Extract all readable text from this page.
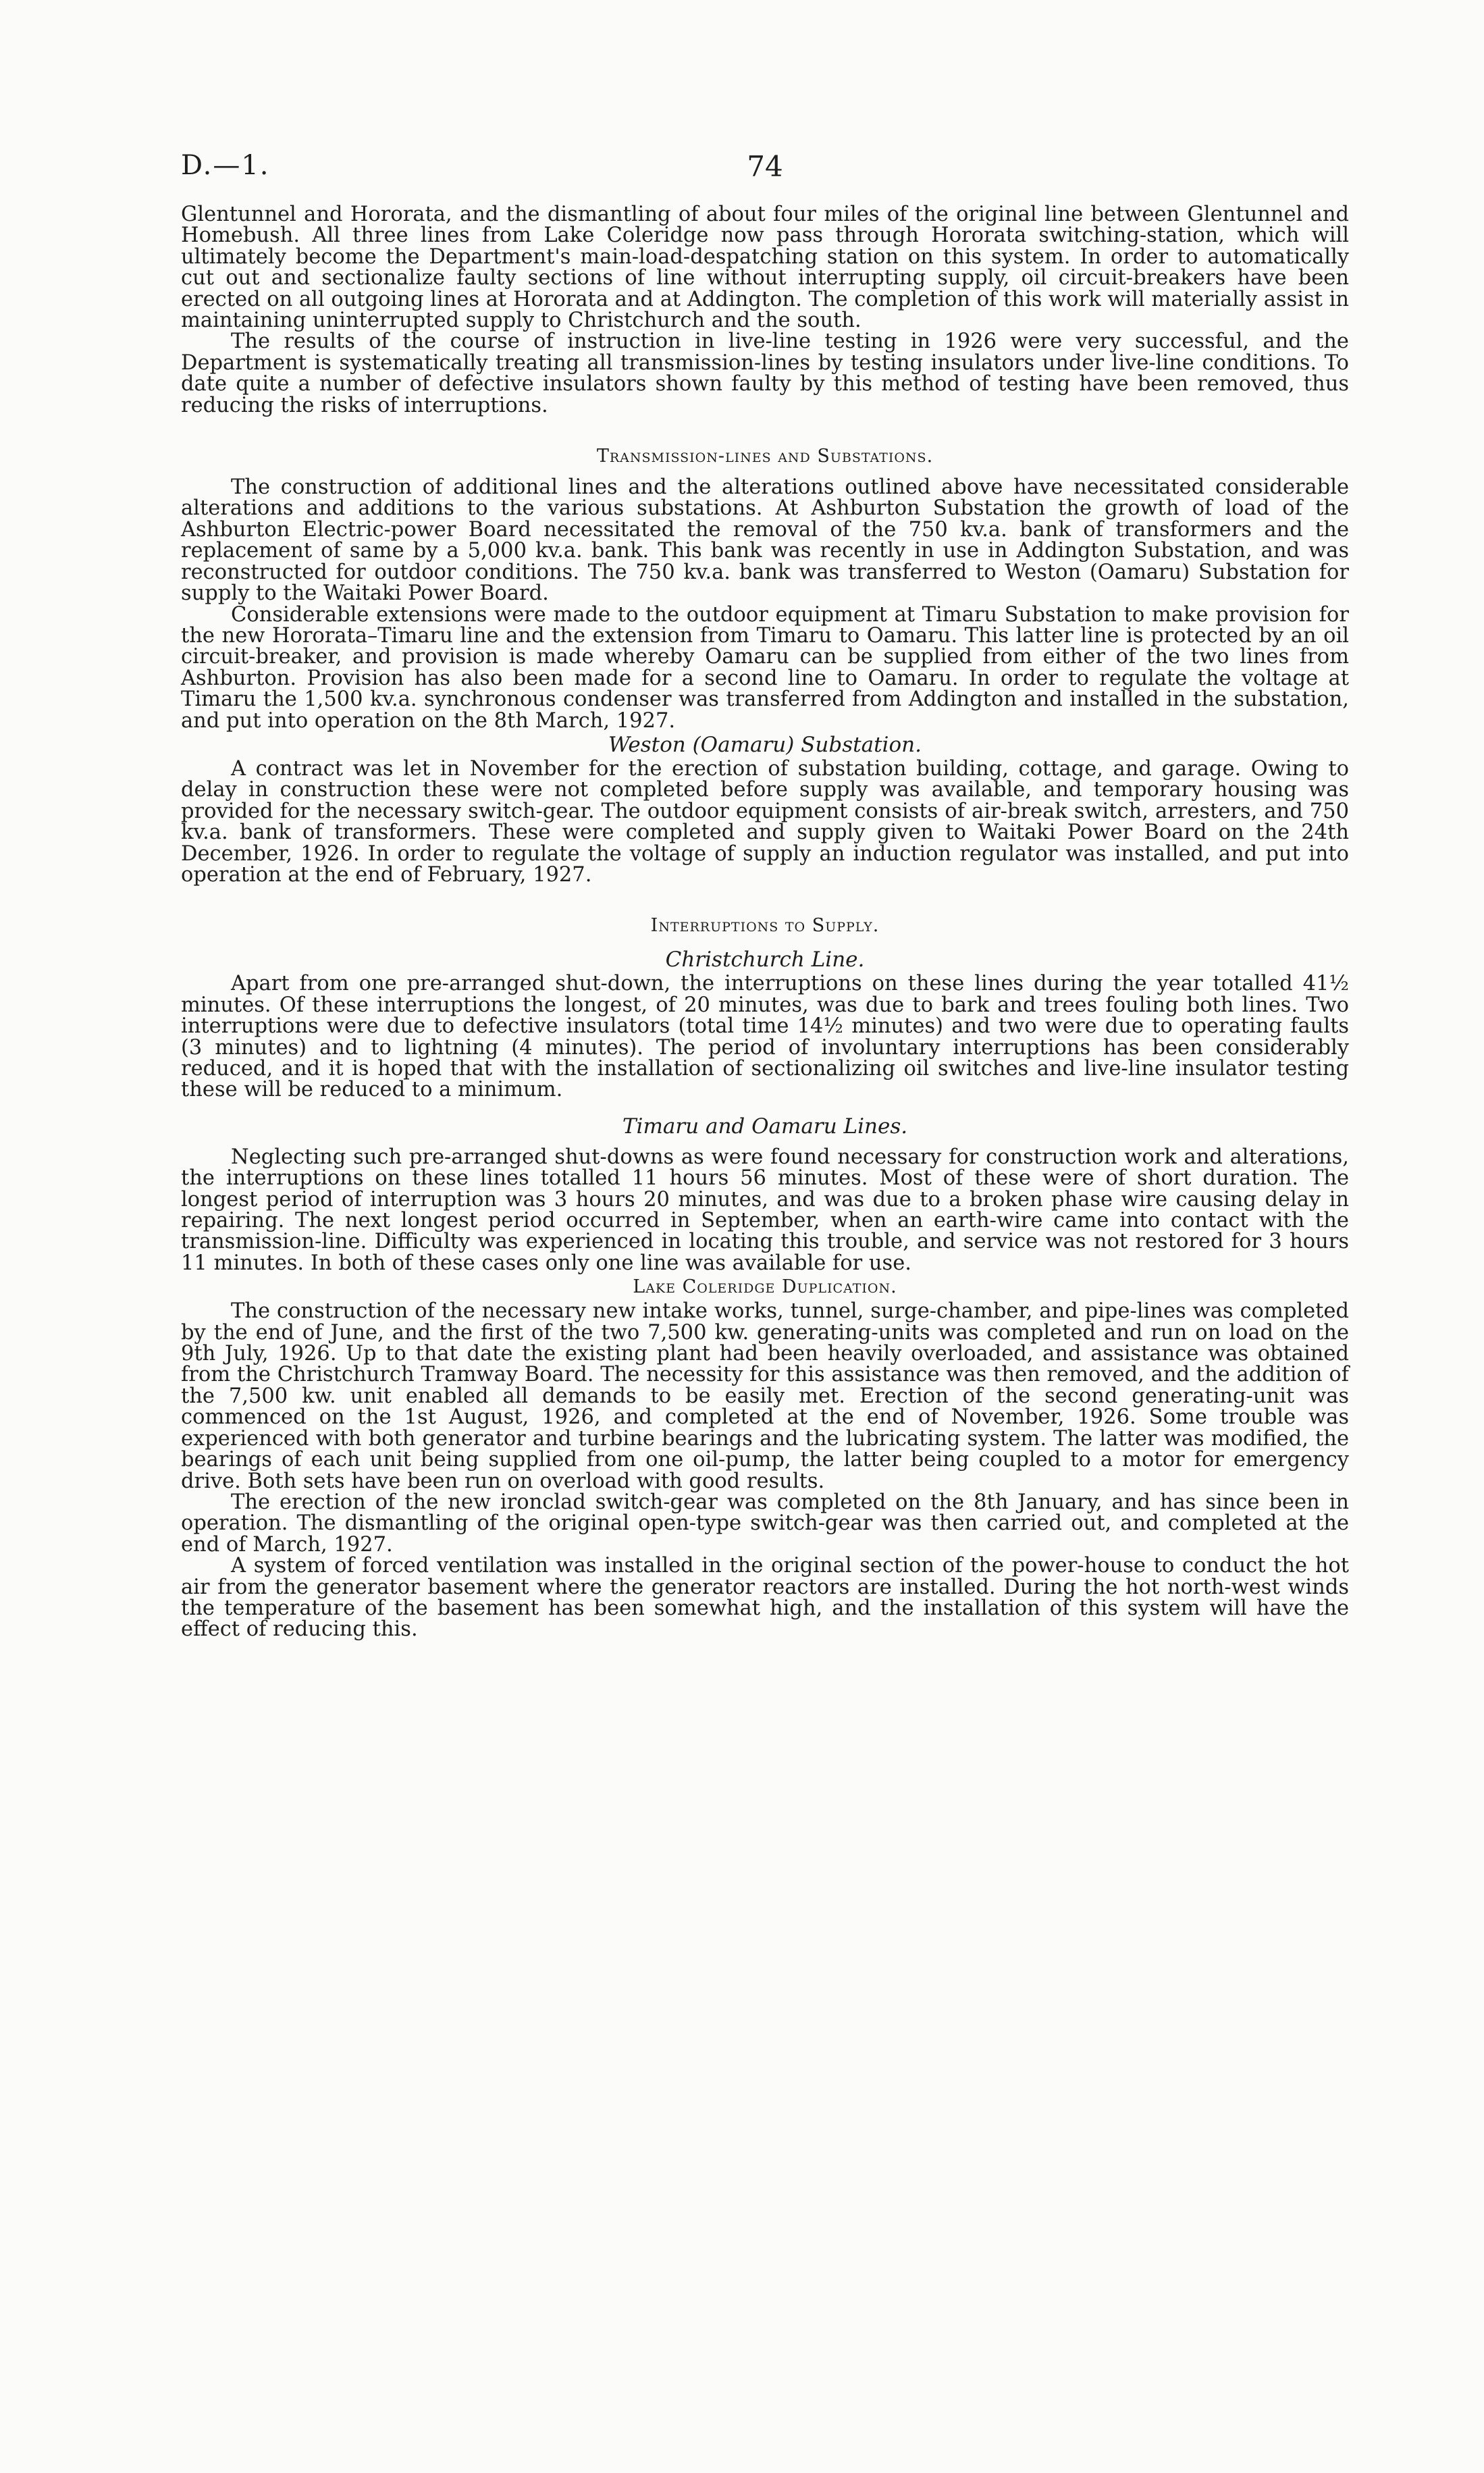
D.—1.	74

Glentunnel and Hororata, and the dismantling of about four miles of the original line between Glentunnel and Homebush. All three lines from Lake Coleridge now pass through Hororata switching-station, which will ultimately become the Department's main-load-despatching station on this system. In order to automatically cut out and sectionalize faulty sections of line without interrupting supply, oil circuit-breakers have been erected on all outgoing lines at Hororata and at Addington. The completion of this work will materially assist in maintaining uninterrupted supply to Christchurch and the south.

The results of the course of instruction in live-line testing in 1926 were very successful, and the Department is systematically treating all transmission-lines by testing insulators under live-line conditions. To date quite a number of defective insulators shown faulty by this method of testing have been removed, thus reducing the risks of interruptions.

Transmission-lines and Substations.

The construction of additional lines and the alterations outlined above have necessitated considerable alterations and additions to the various substations. At Ashburton Substation the growth of load of the Ashburton Electric-power Board necessitated the removal of the 750 kv.a. bank of transformers and the replacement of same by a 5,000 kv.a. bank. This bank was recently in use in Addington Substation, and was reconstructed for outdoor conditions. The 750 kv.a. bank was transferred to Weston (Oamaru) Substation for supply to the Waitaki Power Board.

Considerable extensions were made to the outdoor equipment at Timaru Substation to make provision for the new Hororata–Timaru line and the extension from Timaru to Oamaru. This latter line is protected by an oil circuit-breaker, and provision is made whereby Oamaru can be supplied from either of the two lines from Ashburton. Provision has also been made for a second line to Oamaru. In order to regulate the voltage at Timaru the 1,500 kv.a. synchronous condenser was transferred from Addington and installed in the substation, and put into operation on the 8th March, 1927.

Weston (Oamaru) Substation.

A contract was let in November for the erection of substation building, cottage, and garage. Owing to delay in construction these were not completed before supply was available, and temporary housing was provided for the necessary switch-gear. The outdoor equipment consists of air-break switch, arresters, and 750 kv.a. bank of transformers. These were completed and supply given to Waitaki Power Board on the 24th December, 1926. In order to regulate the voltage of supply an induction regulator was installed, and put into operation at the end of February, 1927.

Interruptions to Supply.
Christchurch Line.

Apart from one pre-arranged shut-down, the interruptions on these lines during the year totalled 41½ minutes. Of these interruptions the longest, of 20 minutes, was due to bark and trees fouling both lines. Two interruptions were due to defective insulators (total time 14½ minutes) and two were due to operating faults (3 minutes) and to lightning (4 minutes). The period of involuntary interruptions has been considerably reduced, and it is hoped that with the installation of sectionalizing oil switches and live-line insulator testing these will be reduced to a minimum.

Timaru and Oamaru Lines.

Neglecting such pre-arranged shut-downs as were found necessary for construction work and alterations, the interruptions on these lines totalled 11 hours 56 minutes. Most of these were of short duration. The longest period of interruption was 3 hours 20 minutes, and was due to a broken phase wire causing delay in repairing. The next longest period occurred in September, when an earth-wire came into contact with the transmission-line. Difficulty was experienced in locating this trouble, and service was not restored for 3 hours 11 minutes. In both of these cases only one line was available for use.

Lake Coleridge Duplication.

The construction of the necessary new intake works, tunnel, surge-chamber, and pipe-lines was completed by the end of June, and the first of the two 7,500 kw. generating-units was completed and run on load on the 9th July, 1926. Up to that date the existing plant had been heavily overloaded, and assistance was obtained from the Christchurch Tramway Board. The necessity for this assistance was then removed, and the addition of the 7,500 kw. unit enabled all demands to be easily met. Erection of the second generating-unit was commenced on the 1st August, 1926, and completed at the end of November, 1926. Some trouble was experienced with both generator and turbine bearings and the lubricating system. The latter was modified, the bearings of each unit being supplied from one oil-pump, the latter being coupled to a motor for emergency drive. Both sets have been run on overload with good results.

The erection of the new ironclad switch-gear was completed on the 8th January, and has since been in operation. The dismantling of the original open-type switch-gear was then carried out, and completed at the end of March, 1927.

A system of forced ventilation was installed in the original section of the power-house to conduct the hot air from the generator basement where the generator reactors are installed. During the hot north-west winds the temperature of the basement has been somewhat high, and the installation of this system will have the effect of reducing this.
